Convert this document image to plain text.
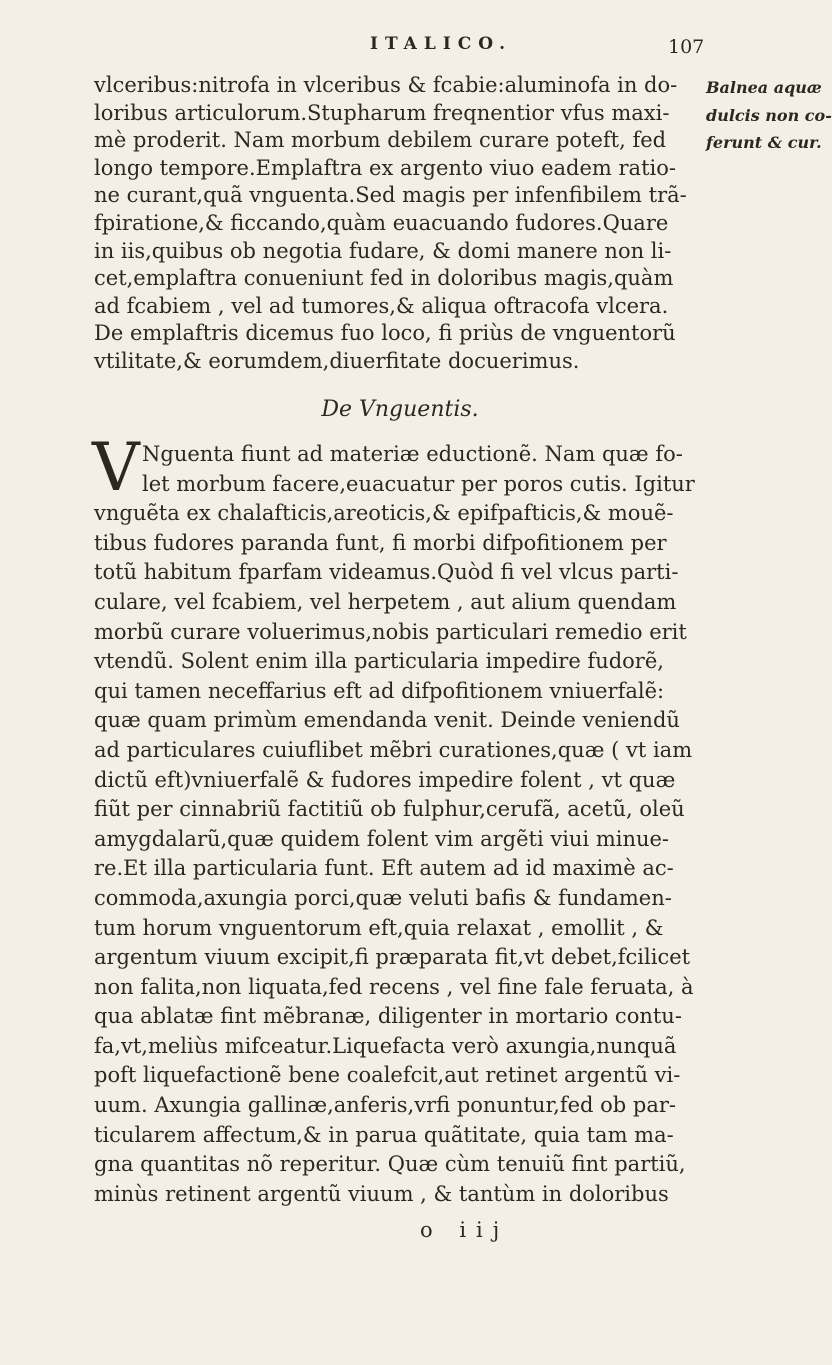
ITALICO.	107
vlceribus:nitrofa in vlceribus & fcabie:aluminofa in do-
loribus articulorum.Stupharum freqnentior vfus maxi-
mè proderit. Nam morbum debilem curare poteft, fed
longo tempore.Emplaftra ex argento viuo eadem ratio-
ne curant,quã vnguenta.Sed magis per infenfibilem trã-
fpiratione,& ficcando,quàm euacuando fudores.Quare
in iis,quibus ob negotia fudare, & domi manere non li-
cet,emplaftra conueniunt fed in doloribus magis,quàm
ad fcabiem , vel ad tumores,& aliqua oftracofa vlcera.
De emplaftris dicemus fuo loco, fi priùs de vnguentorũ
vtilitate,& eorumdem,diuerfitate docuerimus.
Balnea aquæ
dulcis non co-
ferunt & cur.
De Vnguentis.
V Nguenta fiunt ad materiæ eductionẽ. Nam quæ fo-
let morbum facere,euacuatur per poros cutis. Igitur
vnguẽta ex chalafticis,areoticis,& epifpafticis,& mouẽ-
tibus fudores paranda funt, fi morbi difpofitionem per
totũ habitum fparfam videamus.Quòd fi vel vlcus parti-
culare, vel fcabiem, vel herpetem , aut alium quendam
morbũ curare voluerimus,nobis particulari remedio erit
vtendũ. Solent enim illa particularia impedire fudorẽ,
qui tamen neceffarius eft ad difpofitionem vniuerfalẽ:
quæ quam primùm emendanda venit. Deinde veniendũ
ad particulares cuiuflibet mẽbri curationes,quæ ( vt iam
dictũ eft)vniuerfalẽ & fudores impedire folent , vt quæ
fiũt per cinnabriũ factitiũ ob fulphur,cerufã, acetũ, oleũ
amygdalarũ,quæ quidem folent vim argẽti viui minue-
re.Et illa particularia funt. Eft autem ad id maximè ac-
commoda,axungia porci,quæ veluti bafis & fundamen-
tum horum vnguentorum eft,quia relaxat , emollit , &
argentum viuum excipit,fi præparata fit,vt debet,fcilicet
non falita,non liquata,fed recens , vel fine fale feruata, à
qua ablatæ fint mẽbranæ, diligenter in mortario contu-
fa,vt,meliùs mifceatur.Liquefacta verò axungia,nunquã
poft liquefactionẽ bene coalefcit,aut retinet argentũ vi-
uum. Axungia gallinæ,anferis,vrfi ponuntur,fed ob par-
ticularem affectum,& in parua quãtitate, quia tam ma-
gna quantitas nõ reperitur. Quæ cùm tenuiũ fint partiũ,
minùs retinent argentũ viuum , & tantùm in doloribus
o iij
